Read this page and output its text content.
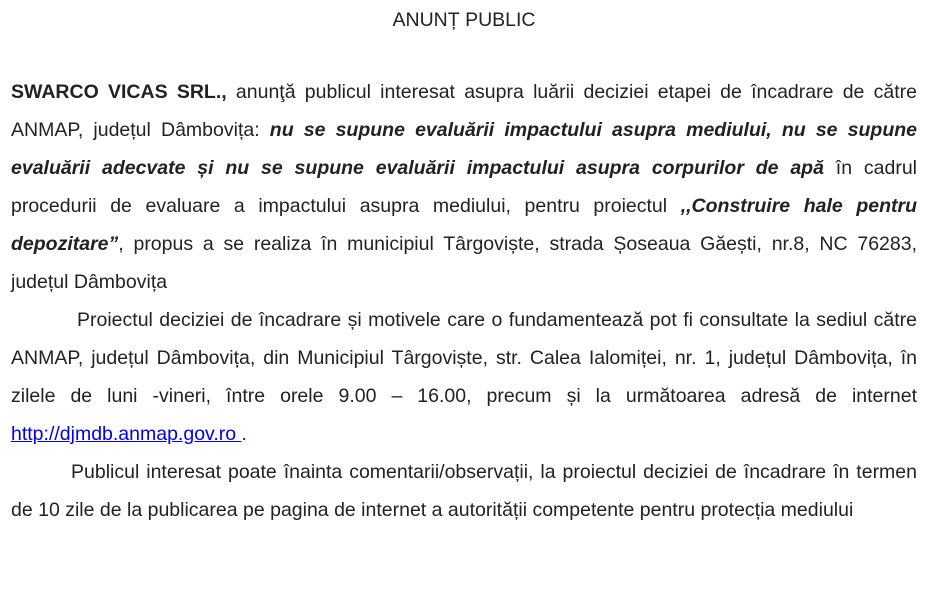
ANUNȚ PUBLIC

SWARCO VICAS SRL., anunţă publicul interesat asupra luării deciziei etapei de încadrare de către ANMAP, județul Dâmbovița: nu se supune evaluării impactului asupra mediului, nu se supune evaluării adecvate și nu se supune evaluării impactului asupra corpurilor de apă în cadrul procedurii de evaluare a impactului asupra mediului, pentru proiectul ,,Construire hale pentru depozitare”, propus a se realiza în municipiul Târgoviște, strada Șoseaua Găești, nr.8, NC 76283, județul Dâmbovița

Proiectul deciziei de încadrare și motivele care o fundamentează pot fi consultate la sediul către ANMAP, județul Dâmbovița, din Municipiul Târgoviște, str. Calea Ialomiței, nr. 1, județul Dâmbovița, în zilele de luni -vineri, între orele 9.00 – 16.00, precum și la următoarea adresă de internet http://djmdb.anmap.gov.ro .

Publicul interesat poate înainta comentarii/observații, la proiectul deciziei de încadrare în termen de 10 zile de la publicarea pe pagina de internet a autorității competente pentru protecția mediului
